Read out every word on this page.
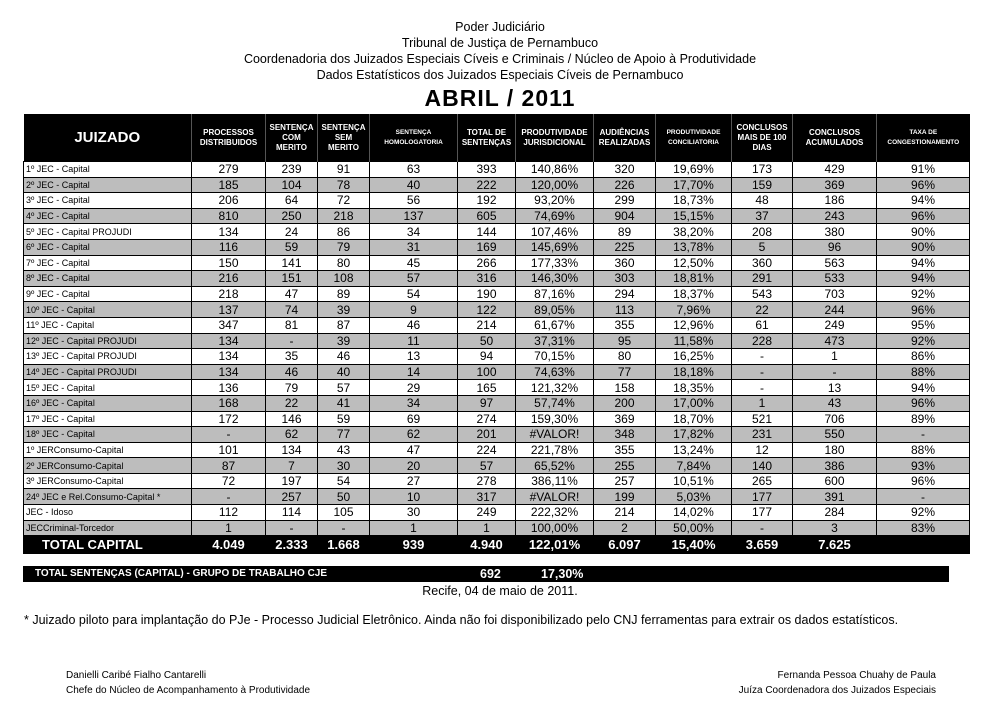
Poder Judiciário
Tribunal de Justiça de Pernambuco
Coordenadoria dos Juizados Especiais Cíveis e Criminais / Núcleo de Apoio à Produtividade
Dados Estatísticos dos Juizados Especiais Cíveis de Pernambuco
ABRIL / 2011
JUIZADO	PROCESSOS DISTRIBUIDOS	SENTENÇA COM MERITO	SENTENÇA SEM MERITO	SENTENÇA HOMOLOGATORIA	TOTAL DE SENTENÇAS	PRODUTIVIDADE JURISDICIONAL	AUDIÊNCIAS REALIZADAS	PRODUTIVIDADE CONCILIATORIA	CONCLUSOS MAIS DE 100 DIAS	CONCLUSOS ACUMULADOS	TAXA DE CONGESTIONAMENTO
1º JEC - Capital	279	239	91	63	393	140,86%	320	19,69%	173	429	91%
2º JEC - Capital	185	104	78	40	222	120,00%	226	17,70%	159	369	96%
3º JEC - Capital	206	64	72	56	192	93,20%	299	18,73%	48	186	94%
4º JEC - Capital	810	250	218	137	605	74,69%	904	15,15%	37	243	96%
5º JEC - Capital PROJUDI	134	24	86	34	144	107,46%	89	38,20%	208	380	90%
6º JEC - Capital	116	59	79	31	169	145,69%	225	13,78%	5	96	90%
7º JEC - Capital	150	141	80	45	266	177,33%	360	12,50%	360	563	94%
8º JEC - Capital	216	151	108	57	316	146,30%	303	18,81%	291	533	94%
9º JEC - Capital	218	47	89	54	190	87,16%	294	18,37%	543	703	92%
10º JEC - Capital	137	74	39	9	122	89,05%	113	7,96%	22	244	96%
11º JEC - Capital	347	81	87	46	214	61,67%	355	12,96%	61	249	95%
12º JEC - Capital PROJUDI	134	-	39	11	50	37,31%	95	11,58%	228	473	92%
13º JEC - Capital PROJUDI	134	35	46	13	94	70,15%	80	16,25%	-	1	86%
14º JEC - Capital PROJUDI	134	46	40	14	100	74,63%	77	18,18%	-	-	88%
15º JEC - Capital	136	79	57	29	165	121,32%	158	18,35%	-	13	94%
16º JEC - Capital	168	22	41	34	97	57,74%	200	17,00%	1	43	96%
17º JEC - Capital	172	146	59	69	274	159,30%	369	18,70%	521	706	89%
18º JEC - Capital	-	62	77	62	201	#VALOR!	348	17,82%	231	550	-
1º JERConsumo-Capital	101	134	43	47	224	221,78%	355	13,24%	12	180	88%
2º JERConsumo-Capital	87	7	30	20	57	65,52%	255	7,84%	140	386	93%
3º JERConsumo-Capital	72	197	54	27	278	386,11%	257	10,51%	265	600	96%
24º JEC e Rel.Consumo-Capital *	-	257	50	10	317	#VALOR!	199	5,03%	177	391	-
JEC - Idoso	112	114	105	30	249	222,32%	214	14,02%	177	284	92%
JECCriminal-Torcedor	1	-	-	1	1	100,00%	2	50,00%	-	3	83%
TOTAL CAPITAL	4.049	2.333	1.668	939	4.940	122,01%	6.097	15,40%	3.659	7.625	
TOTAL SENTENÇAS (CAPITAL) - GRUPO DE TRABALHO CJE	692	17,30%
Recife, 04 de maio de 2011.
* Juizado piloto para implantação do PJe - Processo Judicial Eletrônico. Ainda não foi disponibilizado pelo CNJ ferramentas para extrair os dados estatísticos.
Danielli Caribé Fialho Cantarelli
Chefe do Núcleo de Acompanhamento à Produtividade
Fernanda Pessoa Chuahy de Paula
Juíza Coordenadora dos Juizados Especiais
